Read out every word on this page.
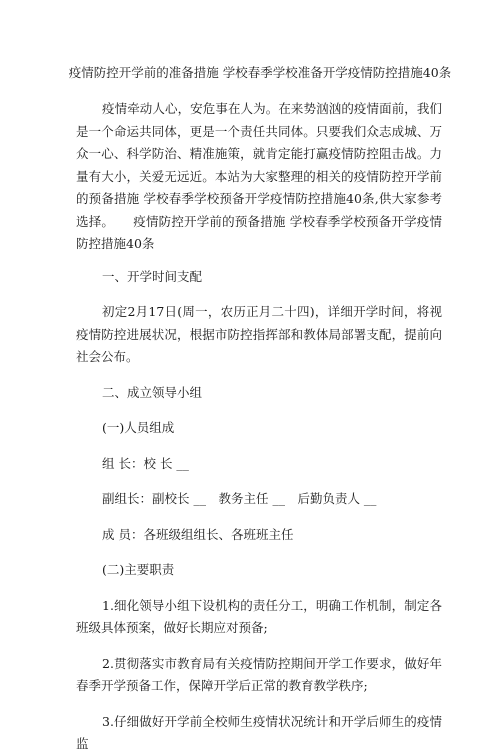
疫情防控开学前的准备措施 学校春季学校准备开学疫情防控措施40条

疫情牵动人心，安危事在人为。在来势汹汹的疫情面前，我们是一个命运共同体，更是一个责任共同体。只要我们众志成城、万众一心、科学防治、精准施策，就肯定能打赢疫情防控阻击战。力量有大小，关爱无远近。本站为大家整理的相关的疫情防控开学前的预备措施 学校春季学校预备开学疫情防控措施40条,供大家参考选择。　　疫情防控开学前的预备措施 学校春季学校预备开学疫情防控措施40条

一、开学时间支配

初定2月17日(周一，农历正月二十四)，详细开学时间，将视疫情防控进展状况，根据市防控指挥部和教体局部署支配，提前向社会公布。

二、成立领导小组

(一)人员组成

组 长：校 长 __

副组长：副校长 __　教务主任 __　后勤负责人 __

成 员：各班级组组长、各班班主任

(二)主要职责

1.细化领导小组下设机构的责任分工，明确工作机制，制定各班级具体预案，做好长期应对预备;

2.贯彻落实市教育局有关疫情防控期间开学工作要求，做好年春季开学预备工作，保障开学后正常的教育教学秩序;

3.仔细做好开学前全校师生疫情状况统计和开学后师生的疫情监
